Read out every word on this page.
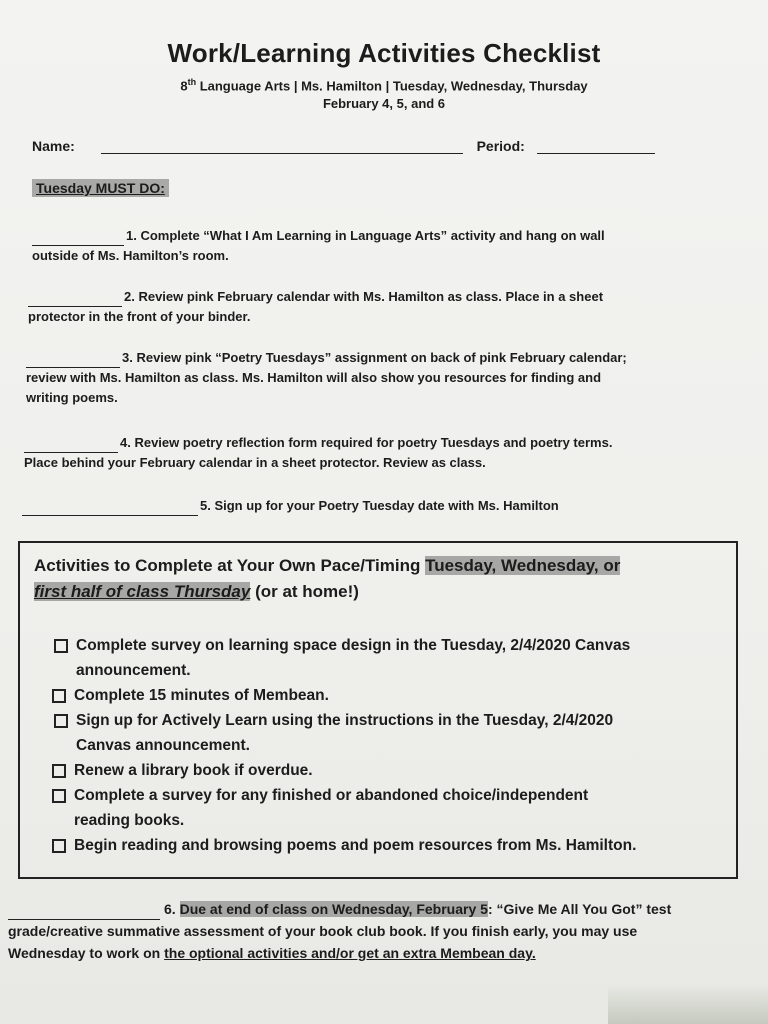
Work/Learning Activities Checklist
8th Language Arts | Ms. Hamilton | Tuesday, Wednesday, Thursday
February 4, 5, and 6
Name:	Period:
Tuesday MUST DO:
1. Complete “What I Am Learning in Language Arts” activity and hang on wall
outside of Ms. Hamilton’s room.
2. Review pink February calendar with Ms. Hamilton as class. Place in a sheet
protector in the front of your binder.
3. Review pink “Poetry Tuesdays” assignment on back of pink February calendar;
review with Ms. Hamilton as class. Ms. Hamilton will also show you resources for finding and
writing poems.
4. Review poetry reflection form required for poetry Tuesdays and poetry terms.
Place behind your February calendar in a sheet protector. Review as class.
5. Sign up for your Poetry Tuesday date with Ms. Hamilton
Activities to Complete at Your Own Pace/Timing Tuesday, Wednesday, or
first half of class Thursday (or at home!)
Complete survey on learning space design in the Tuesday, 2/4/2020 Canvas
announcement.
Complete 15 minutes of Membean.
Sign up for Actively Learn using the instructions in the Tuesday, 2/4/2020
Canvas announcement.
Renew a library book if overdue.
Complete a survey for any finished or abandoned choice/independent
reading books.
Begin reading and browsing poems and poem resources from Ms. Hamilton.
6. Due at end of class on Wednesday, February 5: “Give Me All You Got” test
grade/creative summative assessment of your book club book. If you finish early, you may use
Wednesday to work on the optional activities and/or get an extra Membean day.
